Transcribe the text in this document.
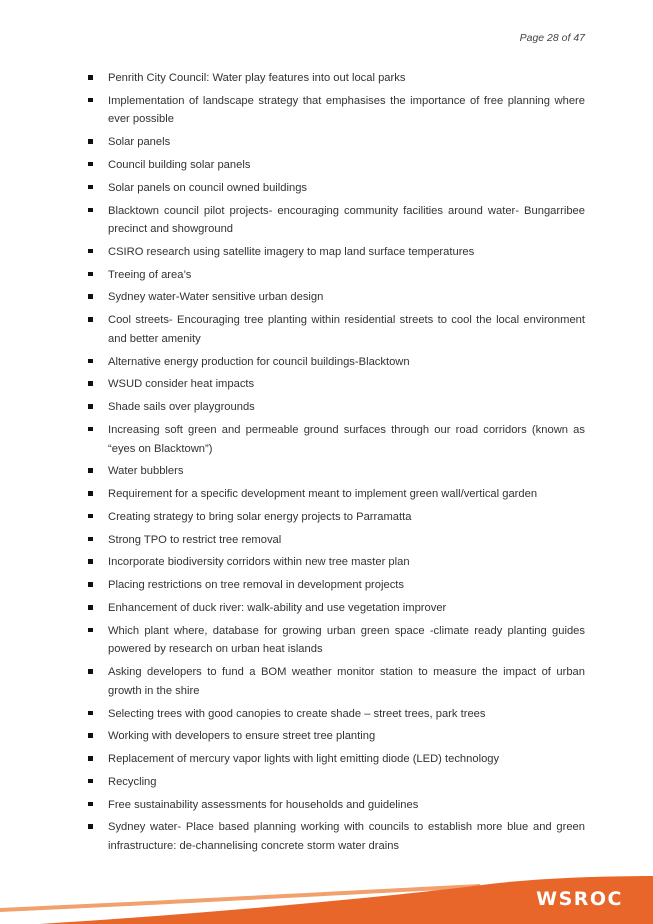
Page 28 of 47
Penrith City Council: Water play features into out local parks
Implementation of landscape strategy that emphasises the importance of free planning where ever possible
Solar panels
Council building solar panels
Solar panels on council owned buildings
Blacktown council pilot projects- encouraging community facilities around water- Bungarribee precinct and showground
CSIRO research using satellite imagery to map land surface temperatures
Treeing of area’s
Sydney water-Water sensitive urban design
Cool streets- Encouraging tree planting within residential streets to cool the local environment and better amenity
Alternative energy production for council buildings-Blacktown
WSUD consider heat impacts
Shade sails over playgrounds
Increasing soft green and permeable ground surfaces through our road corridors (known as “eyes on Blacktown”)
Water bubblers
Requirement for a specific development meant to implement green wall/vertical garden
Creating strategy to bring solar energy projects to Parramatta
Strong TPO to restrict tree removal
Incorporate biodiversity corridors within new tree master plan
Placing restrictions on tree removal in development projects
Enhancement of duck river: walk-ability and use vegetation improver
Which plant where, database for growing urban green space -climate ready planting guides powered by research on urban heat islands
Asking developers to fund a BOM weather monitor station to measure the impact of urban growth in the shire
Selecting trees with good canopies to create shade – street trees, park trees
Working with developers to ensure street tree planting
Replacement of mercury vapor lights with light emitting diode (LED) technology
Recycling
Free sustainability assessments for households and guidelines
Sydney water- Place based planning working with councils to establish more blue and green infrastructure: de-channelising concrete storm water drains
WSROC
